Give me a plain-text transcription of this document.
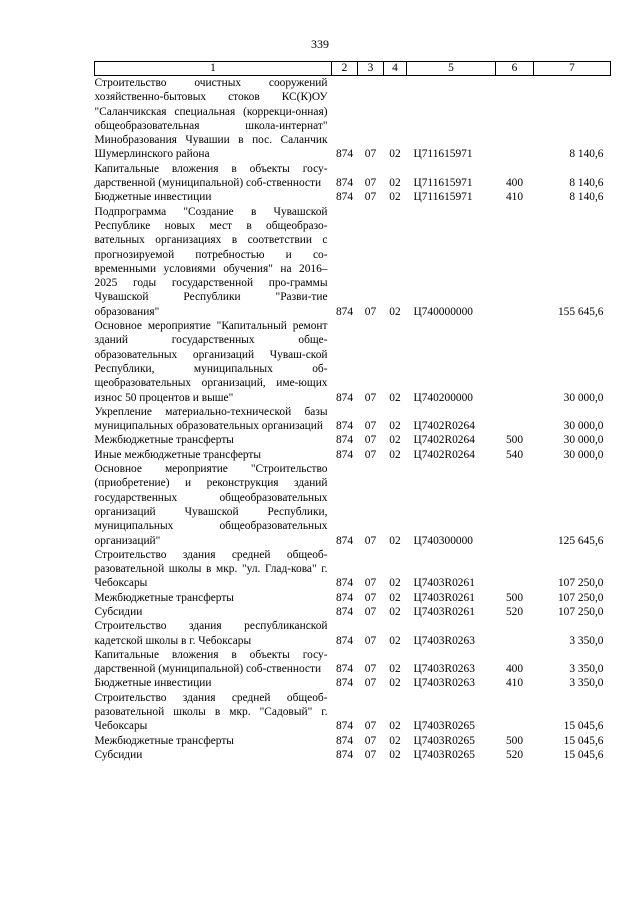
339
1	2	3	4	5	6	7
Строительство очистных сооружений хозяйственно-бытовых стоков КС(К)ОУ "Саланчикская специальная (коррекци-онная) общеобразовательная школа-интернат" Минобразования Чувашии в пос. Саланчик Шумерлинского района	874	07	02	Ц711615971		8 140,6
Капитальные вложения в объекты госу-дарственной (муниципальной) соб-ственности	874	07	02	Ц711615971	400	8 140,6
Бюджетные инвестиции	874	07	02	Ц711615971	410	8 140,6
Подпрограмма "Создание в Чувашской Республике новых мест в общеобразо-вательных организациях в соответствии с прогнозируемой потребностью и со-временными условиями обучения" на 2016–2025 годы государственной про-граммы Чувашской Республики "Разви-тие образования"	874	07	02	Ц740000000		155 645,6
Основное мероприятие "Капитальный ремонт зданий государственных обще-образовательных организаций Чуваш-ской Республики, муниципальных об-щеобразовательных организаций, име-ющих износ 50 процентов и выше"	874	07	02	Ц740200000		30 000,0
Укрепление материально-технической базы муниципальных образовательных организаций	874	07	02	Ц7402R0264		30 000,0
Межбюджетные трансферты	874	07	02	Ц7402R0264	500	30 000,0
Иные межбюджетные трансферты	874	07	02	Ц7402R0264	540	30 000,0
Основное мероприятие "Строительство (приобретение) и реконструкция зданий государственных общеобразовательных организаций Чувашской Республики, муниципальных общеобразовательных организаций"	874	07	02	Ц740300000		125 645,6
Строительство здания средней общеоб-разовательной школы в мкр. "ул. Глад-кова" г. Чебоксары	874	07	02	Ц7403R0261		107 250,0
Межбюджетные трансферты	874	07	02	Ц7403R0261	500	107 250,0
Субсидии	874	07	02	Ц7403R0261	520	107 250,0
Строительство здания республиканской кадетской школы в г. Чебоксары	874	07	02	Ц7403R0263		3 350,0
Капитальные вложения в объекты госу-дарственной (муниципальной) соб-ственности	874	07	02	Ц7403R0263	400	3 350,0
Бюджетные инвестиции	874	07	02	Ц7403R0263	410	3 350,0
Строительство здания средней общеоб-разовательной школы в мкр. "Садовый" г. Чебоксары	874	07	02	Ц7403R0265		15 045,6
Межбюджетные трансферты	874	07	02	Ц7403R0265	500	15 045,6
Субсидии	874	07	02	Ц7403R0265	520	15 045,6
